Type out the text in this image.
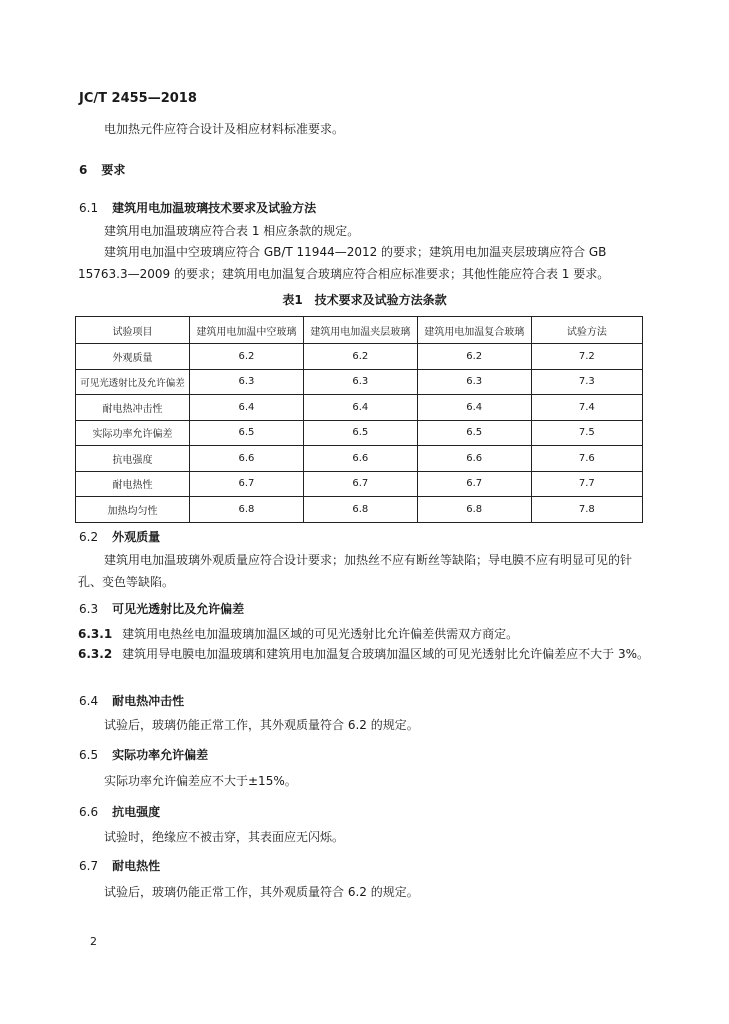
JC/T 2455—2018
电加热元件应符合设计及相应材料标准要求。
6 要求
6.1 建筑用电加温玻璃技术要求及试验方法
建筑用电加温玻璃应符合表 1 相应条款的规定。
建筑用电加温中空玻璃应符合 GB/T 11944—2012 的要求；建筑用电加温夹层玻璃应符合 GB 15763.3—2009 的要求；建筑用电加温复合玻璃应符合相应标准要求；其他性能应符合表 1 要求。
表1　技术要求及试验方法条款
试验项目	建筑用电加温中空玻璃	建筑用电加温夹层玻璃	建筑用电加温复合玻璃	试验方法
外观质量	6.2	6.2	6.2	7.2
可见光透射比及允许偏差	6.3	6.3	6.3	7.3
耐电热冲击性	6.4	6.4	6.4	7.4
实际功率允许偏差	6.5	6.5	6.5	7.5
抗电强度	6.6	6.6	6.6	7.6
耐电热性	6.7	6.7	6.7	7.7
加热均匀性	6.8	6.8	6.8	7.8
6.2 外观质量
建筑用电加温玻璃外观质量应符合设计要求；加热丝不应有断丝等缺陷；导电膜不应有明显可见的针孔、变色等缺陷。
6.3 可见光透射比及允许偏差
6.3.1 建筑用电热丝电加温玻璃加温区域的可见光透射比允许偏差供需双方商定。
6.3.2 建筑用导电膜电加温玻璃和建筑用电加温复合玻璃加温区域的可见光透射比允许偏差应不大于 3%。
6.4 耐电热冲击性
试验后，玻璃仍能正常工作，其外观质量符合 6.2 的规定。
6.5 实际功率允许偏差
实际功率允许偏差应不大于±15%。
6.6 抗电强度
试验时，绝缘应不被击穿，其表面应无闪烁。
6.7 耐电热性
试验后，玻璃仍能正常工作，其外观质量符合 6.2 的规定。
2
